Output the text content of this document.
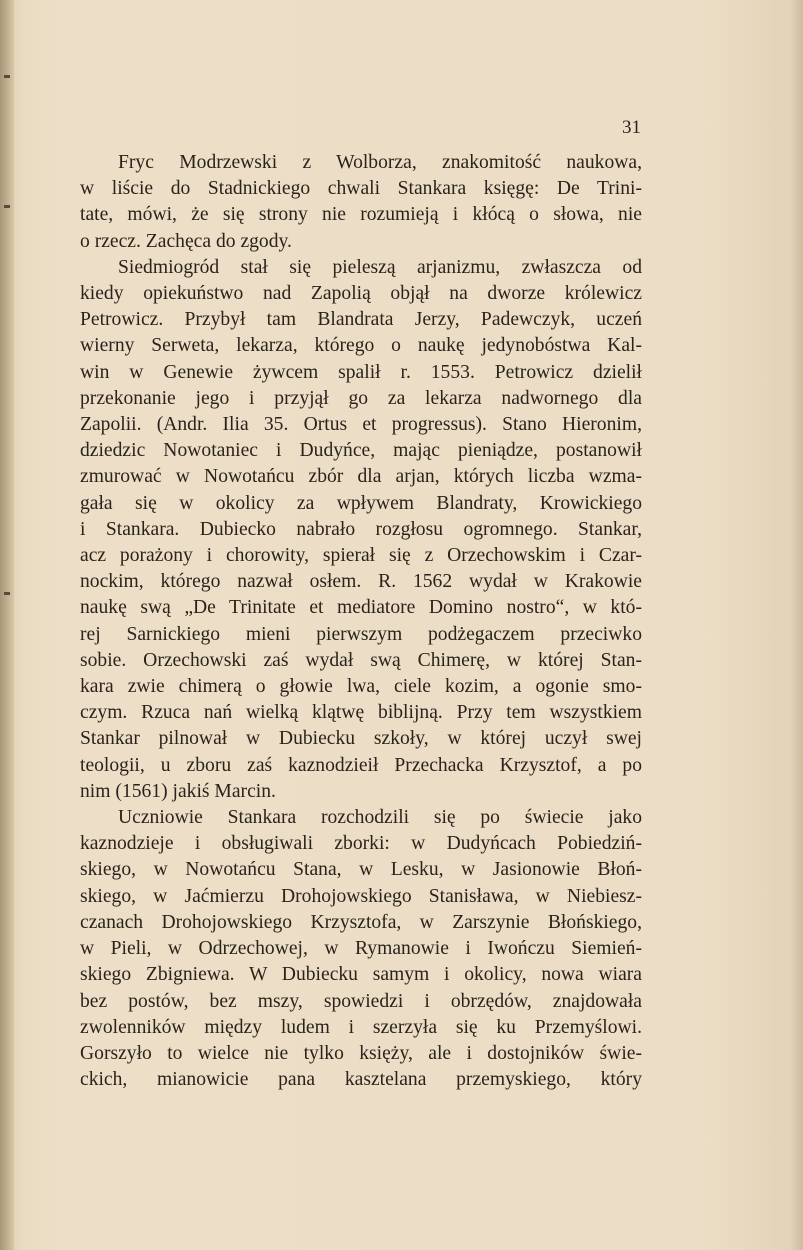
31
Fryc Modrzewski z Wolborza, znakomitość naukowa,
w liście do Stadnickiego chwali Stankara księgę: De Trini-
tate, mówi, że się strony nie rozumieją i kłócą o słowa, nie
o rzecz. Zachęca do zgody.
Siedmiogród stał się pieleszą arjanizmu, zwłaszcza od
kiedy opiekuństwo nad Zapolią objął na dworze królewicz
Petrowicz. Przybył tam Blandrata Jerzy, Padewczyk, uczeń
wierny Serweta, lekarza, którego o naukę jedynobóstwa Kal-
win w Genewie żywcem spalił r. 1553. Petrowicz dzielił
przekonanie jego i przyjął go za lekarza nadwornego dla
Zapolii. (Andr. Ilia 35. Ortus et progressus). Stano Hieronim,
dziedzic Nowotaniec i Dudyńce, mając pieniądze, postanowił
zmurować w Nowotańcu zbór dla arjan, których liczba wzma-
gała się w okolicy za wpływem Blandraty, Krowickiego
i Stankara. Dubiecko nabrało rozgłosu ogromnego. Stankar,
acz porażony i chorowity, spierał się z Orzechowskim i Czar-
nockim, którego nazwał osłem. R. 1562 wydał w Krakowie
naukę swą „De Trinitate et mediatore Domino nostro“, w któ-
rej Sarnickiego mieni pierwszym podżegaczem przeciwko
sobie. Orzechowski zaś wydał swą Chimerę, w której Stan-
kara zwie chimerą o głowie lwa, ciele kozim, a ogonie smo-
czym. Rzuca nań wielką klątwę biblijną. Przy tem wszystkiem
Stankar pilnował w Dubiecku szkoły, w której uczył swej
teologii, u zboru zaś kaznodzieił Przechacka Krzysztof, a po
nim (1561) jakiś Marcin.
Uczniowie Stankara rozchodzili się po świecie jako
kaznodzieje i obsługiwali zborki: w Dudyńcach Pobiedziń-
skiego, w Nowotańcu Stana, w Lesku, w Jasionowie Błoń-
skiego, w Jaćmierzu Drohojowskiego Stanisława, w Niebiesz-
czanach Drohojowskiego Krzysztofa, w Zarszynie Błońskiego,
w Pieli, w Odrzechowej, w Rymanowie i Iwończu Siemień-
skiego Zbigniewa. W Dubiecku samym i okolicy, nowa wiara
bez postów, bez mszy, spowiedzi i obrzędów, znajdowała
zwolenników między ludem i szerzyła się ku Przemyślowi.
Gorszyło to wielce nie tylko księży, ale i dostojników świe-
ckich, mianowicie pana kasztelana przemyskiego, który
